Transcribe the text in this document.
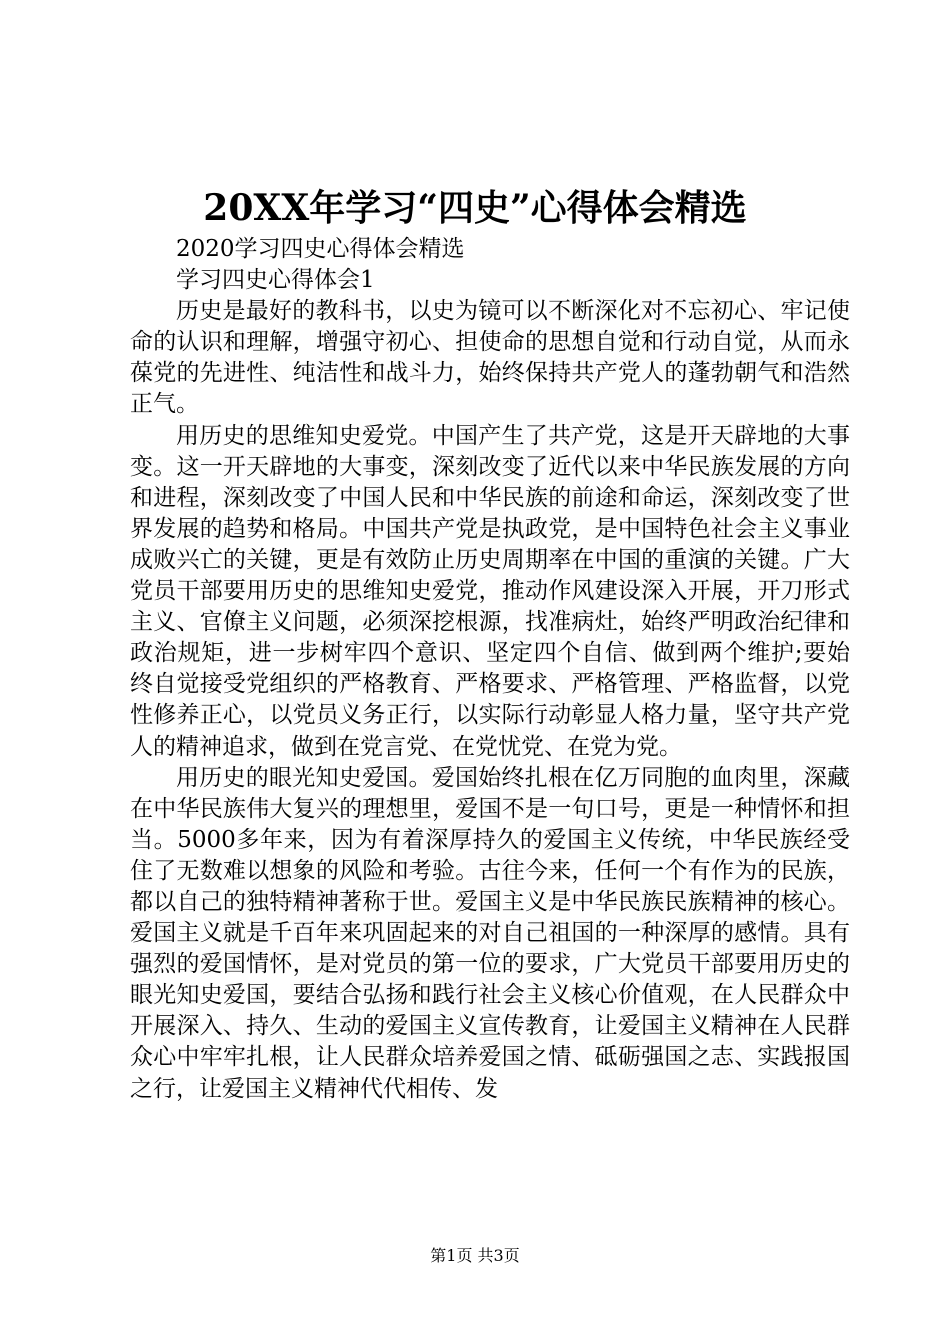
20XX年学习“四史”心得体会精选

2020学习四史心得体会精选

学习四史心得体会1

历史是最好的教科书，以史为镜可以不断深化对不忘初心、牢记使命的认识和理解，增强守初心、担使命的思想自觉和行动自觉，从而永葆党的先进性、纯洁性和战斗力，始终保持共产党人的蓬勃朝气和浩然正气。

用历史的思维知史爱党。中国产生了共产党，这是开天辟地的大事变。这一开天辟地的大事变，深刻改变了近代以来中华民族发展的方向和进程，深刻改变了中国人民和中华民族的前途和命运，深刻改变了世界发展的趋势和格局。中国共产党是执政党，是中国特色社会主义事业成败兴亡的关键，更是有效防止历史周期率在中国的重演的关键。广大党员干部要用历史的思维知史爱党，推动作风建设深入开展，开刀形式主义、官僚主义问题，必须深挖根源，找准病灶，始终严明政治纪律和政治规矩，进一步树牢四个意识、坚定四个自信、做到两个维护;要始终自觉接受党组织的严格教育、严格要求、严格管理、严格监督，以党性修养正心，以党员义务正行，以实际行动彰显人格力量，坚守共产党人的精神追求，做到在党言党、在党忧党、在党为党。

用历史的眼光知史爱国。爱国始终扎根在亿万同胞的血肉里，深藏在中华民族伟大复兴的理想里，爱国不是一句口号，更是一种情怀和担当。5000多年来，因为有着深厚持久的爱国主义传统，中华民族经受住了无数难以想象的风险和考验。古往今来，任何一个有作为的民族，都以自己的独特精神著称于世。爱国主义是中华民族民族精神的核心。爱国主义就是千百年来巩固起来的对自己祖国的一种深厚的感情。具有强烈的爱国情怀，是对党员的第一位的要求，广大党员干部要用历史的眼光知史爱国，要结合弘扬和践行社会主义核心价值观，在人民群众中开展深入、持久、生动的爱国主义宣传教育，让爱国主义精神在人民群众心中牢牢扎根，让人民群众培养爱国之情、砥砺强国之志、实践报国之行，让爱国主义精神代代相传、发

第1页 共3页
